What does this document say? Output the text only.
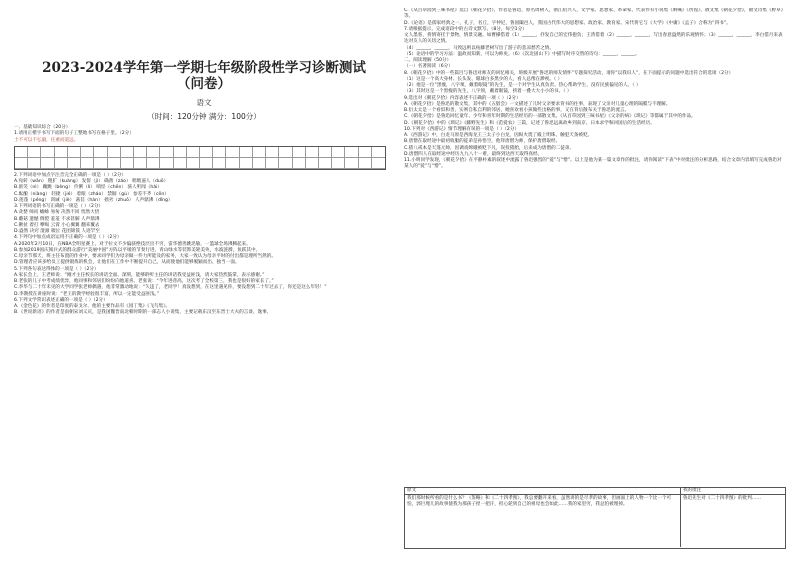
2023-2024学年第一学期七年级阶段性学习诊断测试
（问卷）
语文
（时间：120分钟 满分：100分）

一、基础知识综合（20分）

1.请用正楷字书写下面的句子工整地书写在格子里。（2分）

士不可以不弘毅，任重而道远。

2.下列词语中加点字注音完全正确的一项是（ ）（2分）

A.宛转（wǎn） 粗犷（kuàng） 发髻（jì） 确凿（záo） 咄咄逼人（duō）

B.匿笑（nì） 蹦跳（bèng） 伶俐（lì） 嗔怪（chēn） 骇人听闻（hài）

C.酝酿（niàng） 轻捷（jié） 着眼（zháo） 禁锢（gù） 参差不齐（cēn）

D.莲蓬（péng） 训诫（jiè） 菡萏（hàn） 拙劣（zhuō） 人声鼎沸（dǐng）

3.下列词语的书写正确的一项是（ ）（2分）

A.贪婪 师问 蟾蜍 匆匆 决然不同 忧然大悟

B.蘑菇 遗憾 倜傥 羞羞 不求甚解 人声鼎沸

C.揪扯 着打 嘹喝 云霄 小心翼翼 翻来覆去

D.盎然 诀窍 澄澈 啜泣 花团锦簇 人迹罕至

4.下列句中加点成语运用不正确的一项是（ ）（2分）

A.2020年2月10日，在NBA全明星赛上，对于拉文不少偏骇绝技层出不穷，雷华德善跳迅敏，一篮球全场沸腾起来。

B.参加2019国庆阅兵式的群众游行“美丽中国”方阵以平缓的节奏行进，青山绿水等装饰美轮美奂，水波涟漪，鱼跃其中。

C.母亲节那天，班主任布置的作业中，要求同学们为母亲做一件力所能及的家务，大家一致认为母亲平时的付出都是理所当然的。

D.管理者应该多给员工提供锻炼的机会，让他们在工作中不断提升自己，从而使他们能够脱颖而出、独当一面。

5.下列各句表达得体的一项是（ ）（2分）

A.家长会上，王老师说：“刚才主任校长的讲话全面、深刻，能够聆听主任的讲话我受益匪浅，请大家热烈鼓掌，表示感谢。”

B.老张的儿子中考成绩优异，他同事和邻居们纷纷向他道喜。老张说：“今年进普高，这次考了全校第三，我也是很好的家长了。”

C.李华与二十年未见的大学同学张老师偶遇，他非常激动地说：“久违了，老同学！真没想到，在这里遇见你，要没想到二十年过去了，你还是这么年轻！”

D.李教授在讲座时说：“老王的教学经验很丰富，所以一定能受益匪浅。”

6.下列文学常识表述正确的一项是（ ）（2分）

A.《金色花》的作者是印度的泰戈尔，他的主要作品有《园丁集》《飞鸟集》。

B.《世说新语》的作者是南朝宋刘义庆，是我国魏晋南北朝时期的一部志人小说集，主要记载东汉至东晋士大夫的言谈、逸事。

C.《从百草园到三味书屋》选自《朝花夕拾》，作者是鲁迅，原名周树人，浙江绍兴人，文学家、思想家、革命家，代表作有小说集《呐喊》《彷徨》，散文集《朝花夕拾》，散文诗集《野草》等。

D.《论语》是儒家经典之一，孔子，名丘，字仲尼，鲁国陬邑人，我国古代伟大的思想家、政治家、教育家。宋代将它与《大学》《中庸》《孟子》合称为“四书”。

7.请根据提示，完成语段中的古诗文默写。（8分，每空1分）

文人墨客，将情寄托于景物，情景交融。如曹操借着（1）______，抒发自己的宏伟抱负；王湾借着（2）______，______，写出春意盎然的乐观情怀；（3）______，______，李白借月来表达对友人的关切之情。

（4）______，______，马致远则以枯藤老树写出了游子的悲凉愁苦之情。

（5）论语中的学习方法：温故而知新，可以为师矣。（6）《次北固山下》中描写时序交替的诗句：______，______。

二、阅读理解（50分）

（一）名著阅读（6分）

8.《朝花夕拾》中的一些篇目与鲁迅对师友的回忆相关，班级开展“鲁迅的师友情怀”专题探究活动，请你“以我识人”，在下面提示的问题中选出符合的选项（2分）

（1）这是一个高大身材、长头发、眼球白多黑少的人，看人总像在渺视。（ ）

（2）他是一位“黑瘦，八字须，戴着眼镜”的先生，是一个对学生认真负责、热心帮助学生、没有民族偏见的人。（ ）

（3）其时这是一个黑瘦的先生，八字须，戴着眼镜，挟着一叠大大小小的书。（ ）

9.选出对《朝花夕拾》内容表述不正确的一项（ ）（2分）

A.《朝花夕拾》是鲁迅的散文集，其中的《五猖会》一文描述了儿时父亲要求背书的往事，表现了父亲对儿童心理的隔膜与不理解。

B.衍太太是一个看似和善，实则自私自利的邻居，她喜欢看小孩做些出格的事，又在背后散布关于鲁迅的流言。

C.《朝花夕拾》是鲁迅回忆童年、少年和青年时期的生活经历的一部散文集，《从百草园到三味书屋》《父亲的病》《琐记》等都属于其中的作品。

D.《朝花夕拾》中的《琐记》《藤野先生》和《范爱农》三篇，记述了鲁迅远离故乡到南京、日本求学和回国后的生活经历。

10.下列对《西游记》情节理解有误的一项是（ ）（2分）

A.《西游记》中，白龙马原是西海龙王三太子小白龙，因纵火烧了殿上明珠，触犯天条被贬。

B.唐僧在取经途中最初收服的徒弟是孙悟空，他拜唐僧为师，保护唐僧取经。

C.猪八戒本是天蓬元帅，因调戏嫦娥被贬下凡，误投猪胎，后来成为唐僧的二徒弟。

D.唐僧四人在取经途中经历九九八十一难，最终到达西天取得真经。

11.小明同学发现，《朝花夕拾》在平静朴素的叙述中流露了鲁迅强烈的“爱”与“憎”。以上是他为某一篇文章作的批注，请你阅读“下表”中对批注的分析思路，结合文章内容填写完成鲁迅对某人的“爱”与“憎”。

原文	我的批注

我们那时候所看的是什么书？《鉴略》和《二十四孝图》，我总要翻开来看，虽然讲的是尽孝的故事，但画面上的人物一个比一个可怕，郭巨埋儿的故事使我为那孩子捏一把汗，担心轮到自己的祖母也会如此……我的家里穷，我总怕被埋掉。

鲁迅先生对《二十四孝图》的批判……
